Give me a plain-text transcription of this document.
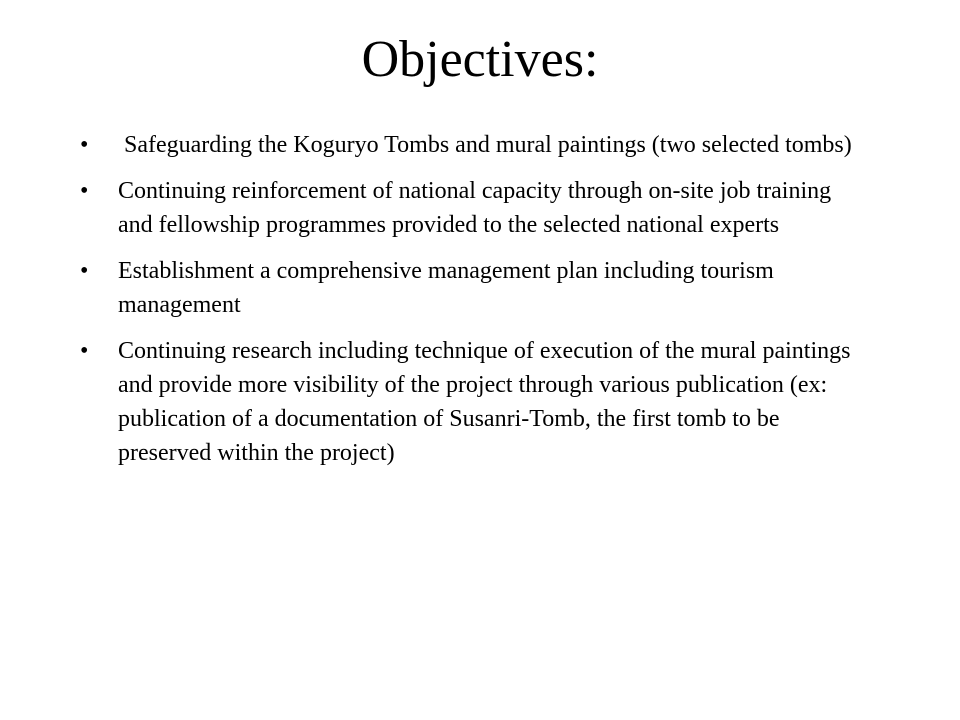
Objectives:
• Safeguarding the Koguryo Tombs and mural paintings (two selected tombs)
• Continuing reinforcement of national capacity through on-site job training and fellowship programmes provided to the selected national experts
• Establishment a comprehensive management plan including tourism management
• Continuing research including technique of execution of the mural paintings and provide more visibility of the project through various publication (ex: publication of a documentation of Susanri-Tomb, the first tomb to be preserved within the project)
